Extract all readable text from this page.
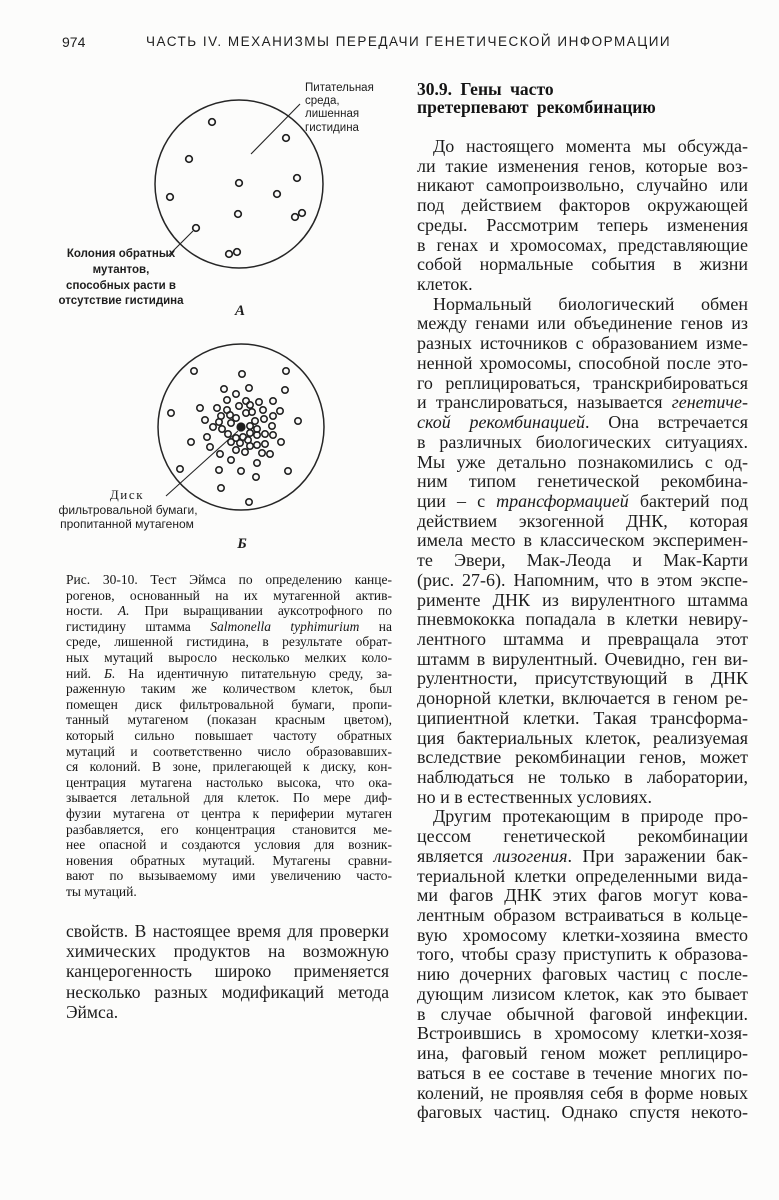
974	ЧАСТЬ IV. МЕХАНИЗМЫ ПЕРЕДАЧИ ГЕНЕТИЧЕСКОЙ ИНФОРМАЦИИ
Питательная
среда,
лишенная
гистидина
Колония обратных
мутантов,
способных расти в
отсутствие гистидина
А
Диск
фильтровальной бумаги,
пропитанной мутагеном
Б
Рис. 30-10. Тест Эймса по определению канце-
рогенов, основанный на их мутагенной актив-
ности. А. При выращивании ауксотрофного по
гистидину штамма Salmonella typhimurium на
среде, лишенной гистидина, в результате обрат-
ных мутаций выросло несколько мелких коло-
ний. Б. На идентичную питательную среду, за-
раженную таким же количеством клеток, был
помещен диск фильтровальной бумаги, пропи-
танный мутагеном (показан красным цветом),
который сильно повышает частоту обратных
мутаций и соответственно число образовавших-
ся колоний. В зоне, прилегающей к диску, кон-
центрация мутагена настолько высока, что ока-
зывается летальной для клеток. По мере диф-
фузии мутагена от центра к периферии мутаген
разбавляется, его концентрация становится ме-
нее опасной и создаются условия для возник-
новения обратных мутаций. Мутагены сравни-
вают по вызываемому ими увеличению часто-
ты мутаций.
свойств. В настоящее время для проверки
химических продуктов на возможную
канцерогенность широко применяется
несколько разных модификаций метода
Эймса.
30.9. Гены часто
претерпевают рекомбинацию
До настоящего момента мы обсужда-
ли такие изменения генов, которые воз-
никают самопроизвольно, случайно или
под действием факторов окружающей
среды. Рассмотрим теперь изменения
в генах и хромосомах, представляющие
собой нормальные события в жизни
клеток.
Нормальный биологический обмен
между генами или объединение генов из
разных источников с образованием изме-
ненной хромосомы, способной после это-
го реплицироваться, транскрибироваться
и транслироваться, называется генетиче-
ской рекомбинацией. Она встречается
в различных биологических ситуациях.
Мы уже детально познакомились с од-
ним типом генетической рекомбина-
ции – с трансформацией бактерий под
действием экзогенной ДНК, которая
имела место в классическом эксперимен-
те Эвери, Мак-Леода и Мак-Карти
(рис. 27-6). Напомним, что в этом экспе-
рименте ДНК из вирулентного штамма
пневмококка попадала в клетки невиру-
лентного штамма и превращала этот
штамм в вирулентный. Очевидно, ген ви-
рулентности, присутствующий в ДНК
донорной клетки, включается в геном ре-
ципиентной клетки. Такая трансформа-
ция бактериальных клеток, реализуемая
вследствие рекомбинации генов, может
наблюдаться не только в лаборатории,
но и в естественных условиях.
Другим протекающим в природе про-
цессом генетической рекомбинации
является лизогения. При заражении бак-
териальной клетки определенными вида-
ми фагов ДНК этих фагов могут кова-
лентным образом встраиваться в кольце-
вую хромосому клетки-хозяина вместо
того, чтобы сразу приступить к образова-
нию дочерних фаговых частиц с после-
дующим лизисом клеток, как это бывает
в случае обычной фаговой инфекции.
Встроившись в хромосому клетки-хозя-
ина, фаговый геном может реплициро-
ваться в ее составе в течение многих по-
колений, не проявляя себя в форме новых
фаговых частиц. Однако спустя некото-
